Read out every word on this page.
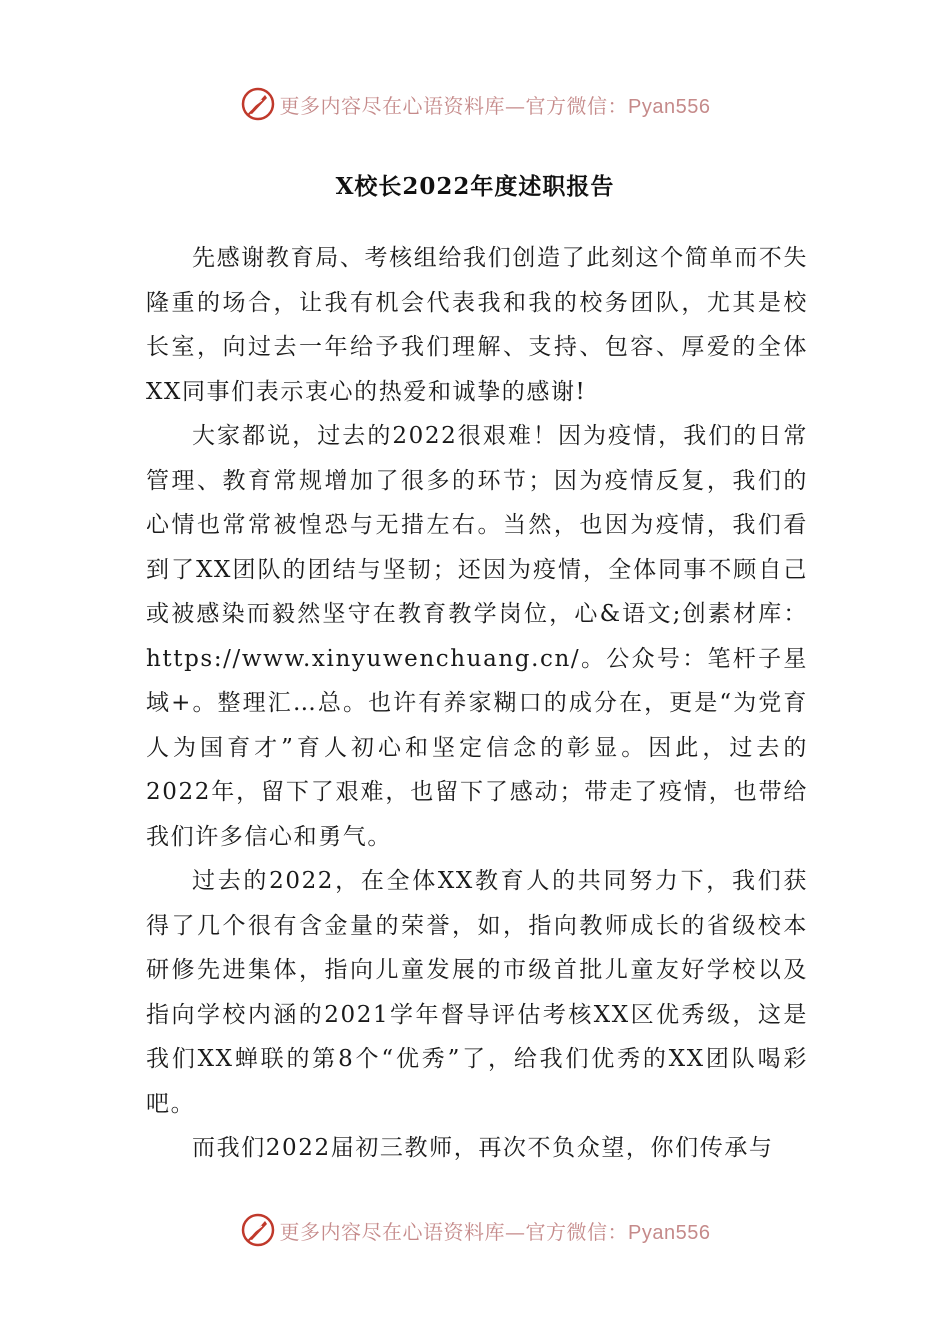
更多内容尽在心语资料库—官方微信：Pyan556
X校长2022年度述职报告

先感谢教育局、考核组给我们创造了此刻这个简单而不失隆重的场合，让我有机会代表我和我的校务团队，尤其是校长室，向过去一年给予我们理解、支持、包容、厚爱的全体XX同事们表示衷心的热爱和诚挚的感谢!

大家都说，过去的2022很艰难！因为疫情，我们的日常管理、教育常规增加了很多的环节；因为疫情反复，我们的心情也常常被惶恐与无措左右。当然，也因为疫情，我们看到了XX团队的团结与坚韧；还因为疫情，全体同事不顾自己或被感染而毅然坚守在教育教学岗位，心&语文;创素材库：https://www.xinyuwenchuang.cn/。公众号：笔杆子星域+。整理汇…总。也许有养家糊口的成分在，更是“为党育人为国育才”育人初心和坚定信念的彰显。因此，过去的2022年，留下了艰难，也留下了感动；带走了疫情，也带给我们许多信心和勇气。

过去的2022，在全体XX教育人的共同努力下，我们获得了几个很有含金量的荣誉，如，指向教师成长的省级校本研修先进集体，指向儿童发展的市级首批儿童友好学校以及指向学校内涵的2021学年督导评估考核XX区优秀级，这是我们XX蝉联的第8个“优秀”了，给我们优秀的XX团队喝彩吧。

而我们2022届初三教师，再次不负众望，你们传承与

更多内容尽在心语资料库—官方微信：Pyan556
